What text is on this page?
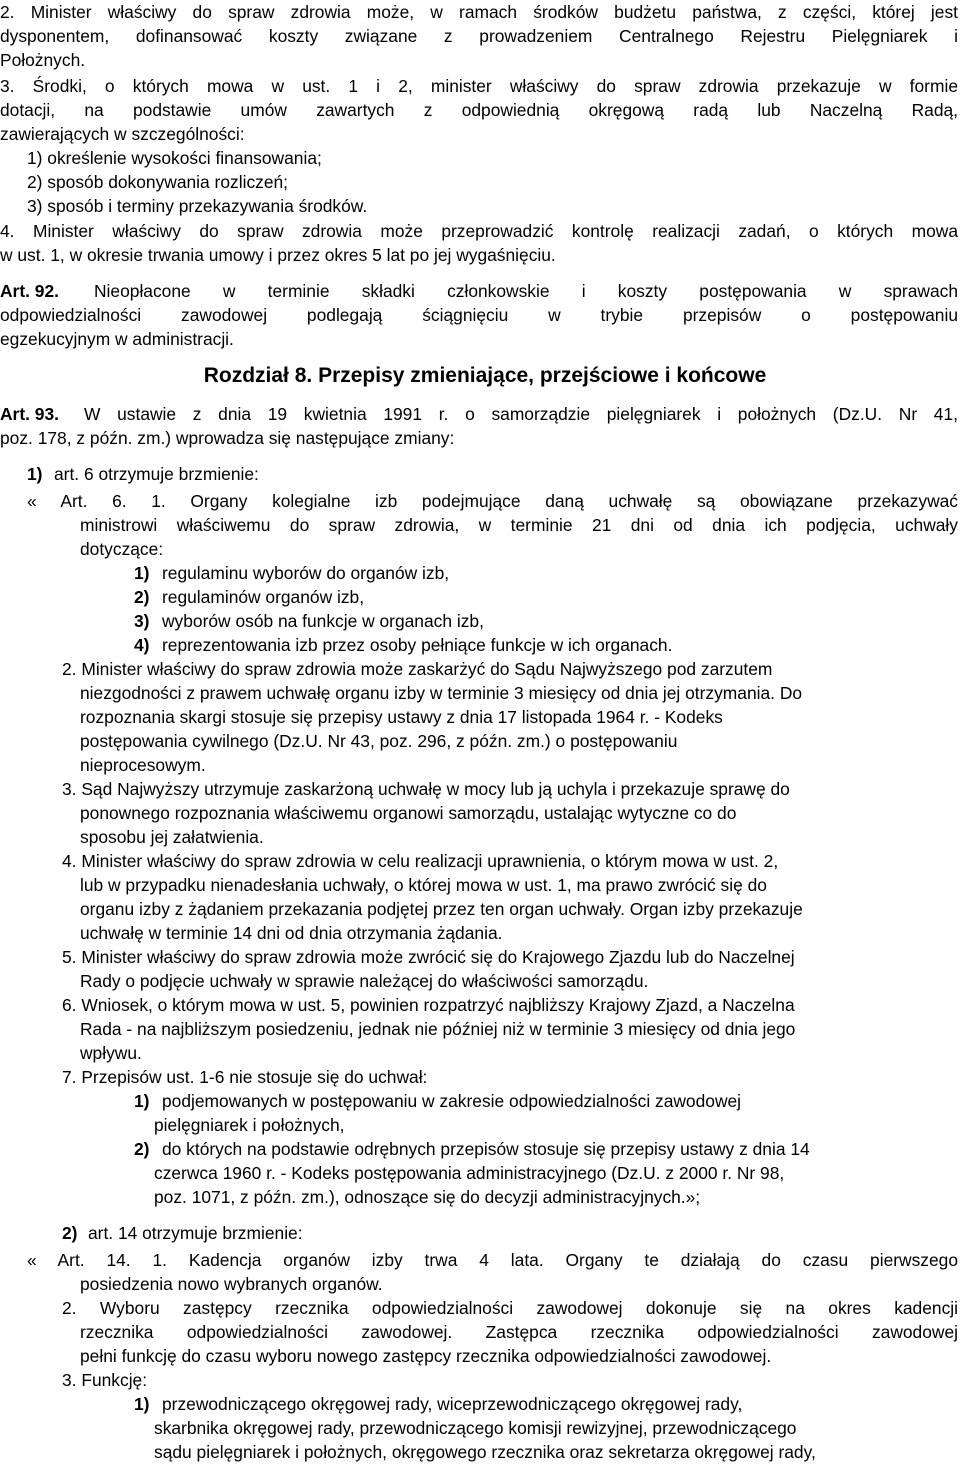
2. Minister właściwy do spraw zdrowia może, w ramach środków budżetu państwa, z części, której jest
dysponentem, dofinansować koszty związane z prowadzeniem Centralnego Rejestru Pielęgniarek i
Położnych.
3. Środki, o których mowa w ust. 1 i 2, minister właściwy do spraw zdrowia przekazuje w formie
dotacji, na podstawie umów zawartych z odpowiednią okręgową radą lub Naczelną Radą,
zawierających w szczególności:
1) określenie wysokości finansowania;
2) sposób dokonywania rozliczeń;
3) sposób i terminy przekazywania środków.
4. Minister właściwy do spraw zdrowia może przeprowadzić kontrolę realizacji zadań, o których mowa
w ust. 1, w okresie trwania umowy i przez okres 5 lat po jej wygaśnięciu.
Art. 92. Nieopłacone w terminie składki członkowskie i koszty postępowania w sprawach
odpowiedzialności zawodowej podlegają ściągnięciu w trybie przepisów o postępowaniu
egzekucyjnym w administracji.
Rozdział 8. Przepisy zmieniające, przejściowe i końcowe
Art. 93. W ustawie z dnia 19 kwietnia 1991 r. o samorządzie pielęgniarek i położnych (Dz.U. Nr 41,
poz. 178, z późn. zm.) wprowadza się następujące zmiany:
1) art. 6 otrzymuje brzmienie:
« Art. 6. 1. Organy kolegialne izb podejmujące daną uchwałę są obowiązane przekazywać
ministrowi właściwemu do spraw zdrowia, w terminie 21 dni od dnia ich podjęcia, uchwały
dotyczące:
1) regulaminu wyborów do organów izb,
2) regulaminów organów izb,
3) wyborów osób na funkcje w organach izb,
4) reprezentowania izb przez osoby pełniące funkcje w ich organach.
2. Minister właściwy do spraw zdrowia może zaskarżyć do Sądu Najwyższego pod zarzutem
niezgodności z prawem uchwałę organu izby w terminie 3 miesięcy od dnia jej otrzymania. Do
rozpoznania skargi stosuje się przepisy ustawy z dnia 17 listopada 1964 r. - Kodeks
postępowania cywilnego (Dz.U. Nr 43, poz. 296, z późn. zm.) o postępowaniu
nieprocesowym.
3. Sąd Najwyższy utrzymuje zaskarżoną uchwałę w mocy lub ją uchyla i przekazuje sprawę do
ponownego rozpoznania właściwemu organowi samorządu, ustalając wytyczne co do
sposobu jej załatwienia.
4. Minister właściwy do spraw zdrowia w celu realizacji uprawnienia, o którym mowa w ust. 2,
lub w przypadku nienadesłania uchwały, o której mowa w ust. 1, ma prawo zwrócić się do
organu izby z żądaniem przekazania podjętej przez ten organ uchwały. Organ izby przekazuje
uchwałę w terminie 14 dni od dnia otrzymania żądania.
5. Minister właściwy do spraw zdrowia może zwrócić się do Krajowego Zjazdu lub do Naczelnej
Rady o podjęcie uchwały w sprawie należącej do właściwości samorządu.
6. Wniosek, o którym mowa w ust. 5, powinien rozpatrzyć najbliższy Krajowy Zjazd, a Naczelna
Rada - na najbliższym posiedzeniu, jednak nie później niż w terminie 3 miesięcy od dnia jego
wpływu.
7. Przepisów ust. 1-6 nie stosuje się do uchwał:
1) podjemowanych w postępowaniu w zakresie odpowiedzialności zawodowej
pielęgniarek i położnych,
2) do których na podstawie odrębnych przepisów stosuje się przepisy ustawy z dnia 14
czerwca 1960 r. - Kodeks postępowania administracyjnego (Dz.U. z 2000 r. Nr 98,
poz. 1071, z późn. zm.), odnoszące się do decyzji administracyjnych.»;
2) art. 14 otrzymuje brzmienie:
« Art. 14. 1. Kadencja organów izby trwa 4 lata. Organy te działają do czasu pierwszego
posiedzenia nowo wybranych organów.
2. Wyboru zastępcy rzecznika odpowiedzialności zawodowej dokonuje się na okres kadencji
rzecznika odpowiedzialności zawodowej. Zastępca rzecznika odpowiedzialności zawodowej
pełni funkcję do czasu wyboru nowego zastępcy rzecznika odpowiedzialności zawodowej.
3. Funkcję:
1) przewodniczącego okręgowej rady, wiceprzewodniczącego okręgowej rady,
skarbnika okręgowej rady, przewodniczącego komisji rewizyjnej, przewodniczącego
sądu pielęgniarek i położnych, okręgowego rzecznika oraz sekretarza okręgowej rady,
